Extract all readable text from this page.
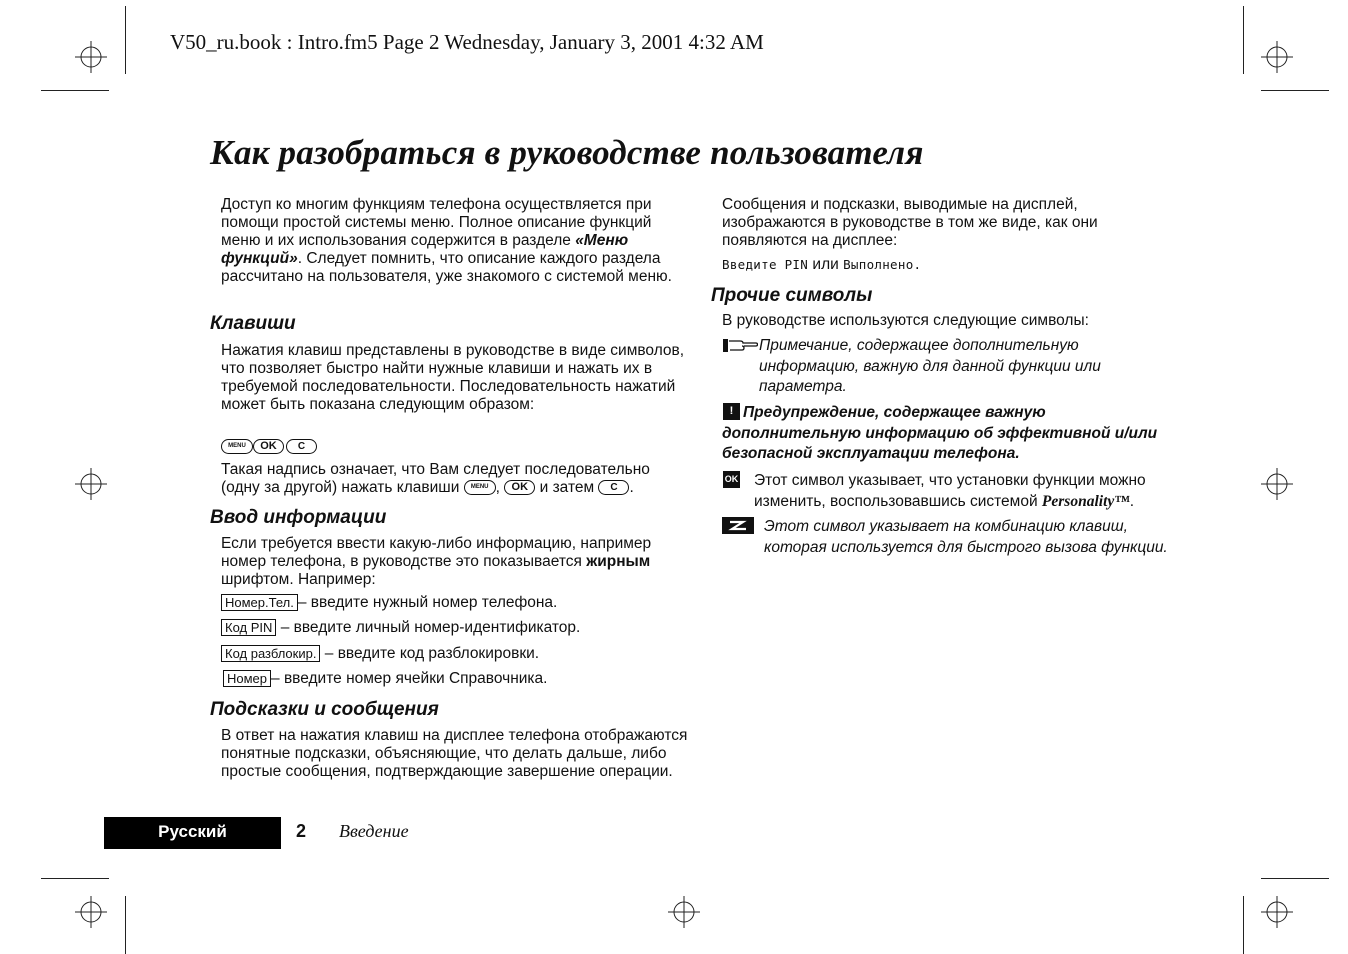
V50_ru.book : Intro.fm5 Page 2 Wednesday, January 3, 2001 4:32 AM
Как разобраться в руководстве пользователя
Доступ ко многим функциям телефона осуществляется при помощи простой системы меню. Полное описание функций меню и их использования содержится в разделе «Меню функций». Следует помнить, что описание каждого раздела рассчитано на пользователя, уже знакомого с системой меню.
Клавиши
Нажатия клавиш представлены в руководстве в виде символов, что позволяет быстро найти нужные клавиши и нажать их в требуемой последовательности. Последовательность нажатий может быть показана следующим образом:
MENU OK C
Такая надпись означает, что Вам следует последовательно (одну за другой) нажать клавиши MENU , OK и затем C .
Ввод информации
Если требуется ввести какую-либо информацию, например номер телефона, в руководстве это показывается жирным шрифтом. Например:
Номер.Тел. – введите нужный номер телефона.
Код PIN – введите личный номер-идентификатор.
Код разблокир. – введите код разблокировки.
Номер – введите номер ячейки Справочника.
Подсказки и сообщения
В ответ на нажатия клавиш на дисплее телефона отображаются понятные подсказки, объясняющие, что делать дальше, либо простые сообщения, подтверждающие завершение операции.
Сообщения и подсказки, выводимые на дисплей, изображаются в руководстве в том же виде, как они появляются на дисплее:
Введите PIN или Выполнено.
Прочие символы
В руководстве используются следующие символы:
Примечание, содержащее дополнительную информацию, важную для данной функции или параметра.
! Предупреждение, содержащее важную дополнительную информацию об эффективной и/или безопасной эксплуатации телефона.
OK Этот символ указывает, что установки функции можно изменить, воспользовавшись системой Personality™.
Этот символ указывает на комбинацию клавиш, которая используется для быстрого вызова функции.
Русский	2 Введение
